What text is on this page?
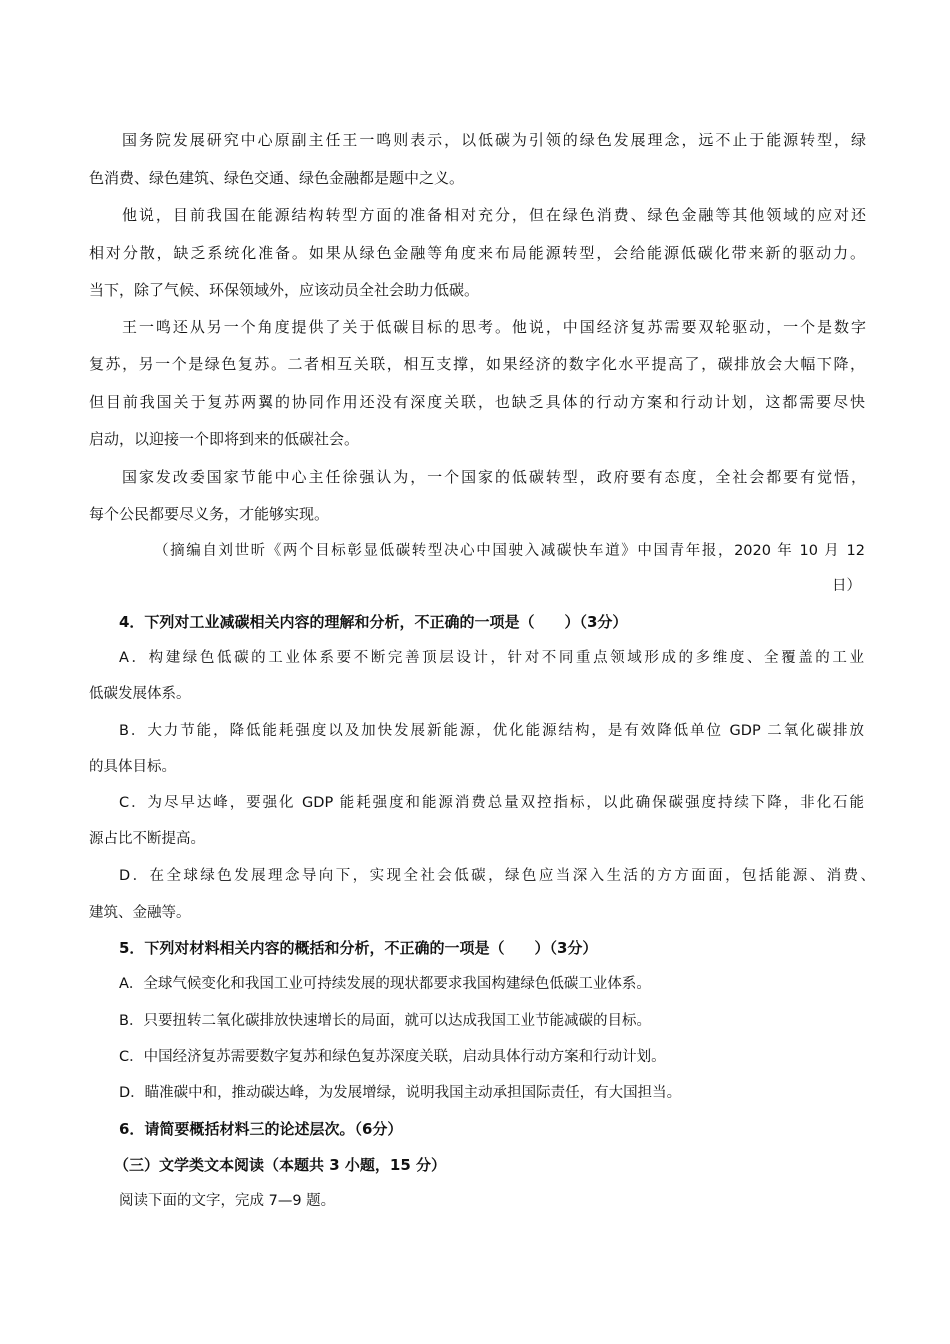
国务院发展研究中心原副主任王一鸣则表示，以低碳为引领的绿色发展理念，远不止于能源转型，绿
色消费、绿色建筑、绿色交通、绿色金融都是题中之义。
他说，目前我国在能源结构转型方面的准备相对充分，但在绿色消费、绿色金融等其他领域的应对还
相对分散，缺乏系统化准备。如果从绿色金融等角度来布局能源转型，会给能源低碳化带来新的驱动力。
当下，除了气候、环保领域外，应该动员全社会助力低碳。
王一鸣还从另一个角度提供了关于低碳目标的思考。他说，中国经济复苏需要双轮驱动，一个是数字
复苏，另一个是绿色复苏。二者相互关联，相互支撑，如果经济的数字化水平提高了，碳排放会大幅下降，
但目前我国关于复苏两翼的协同作用还没有深度关联，也缺乏具体的行动方案和行动计划，这都需要尽快
启动，以迎接一个即将到来的低碳社会。
国家发改委国家节能中心主任徐强认为，一个国家的低碳转型，政府要有态度，全社会都要有觉悟，
每个公民都要尽义务，才能够实现。
（摘编自刘世昕《两个目标彰显低碳转型决心中国驶入减碳快车道》中国青年报，2020 年 10 月 12
日）
4．下列对工业减碳相关内容的理解和分析，不正确的一项是（　　）（3分）
A．构建绿色低碳的工业体系要不断完善顶层设计，针对不同重点领域形成的多维度、全覆盖的工业
低碳发展体系。
B．大力节能，降低能耗强度以及加快发展新能源，优化能源结构，是有效降低单位 GDP 二氧化碳排放
的具体目标。
C．为尽早达峰，要强化 GDP 能耗强度和能源消费总量双控指标，以此确保碳强度持续下降，非化石能
源占比不断提高。
D．在全球绿色发展理念导向下，实现全社会低碳，绿色应当深入生活的方方面面，包括能源、消费、
建筑、金融等。
5．下列对材料相关内容的概括和分析，不正确的一项是（　　）（3分）
A．全球气候变化和我国工业可持续发展的现状都要求我国构建绿色低碳工业体系。
B．只要扭转二氧化碳排放快速增长的局面，就可以达成我国工业节能减碳的目标。
C．中国经济复苏需要数字复苏和绿色复苏深度关联，启动具体行动方案和行动计划。
D．瞄准碳中和，推动碳达峰，为发展增绿，说明我国主动承担国际责任，有大国担当。
6．请简要概括材料三的论述层次。（6分）
（三）文学类文本阅读（本题共 3 小题，15 分）
阅读下面的文字，完成 7—9 题。
